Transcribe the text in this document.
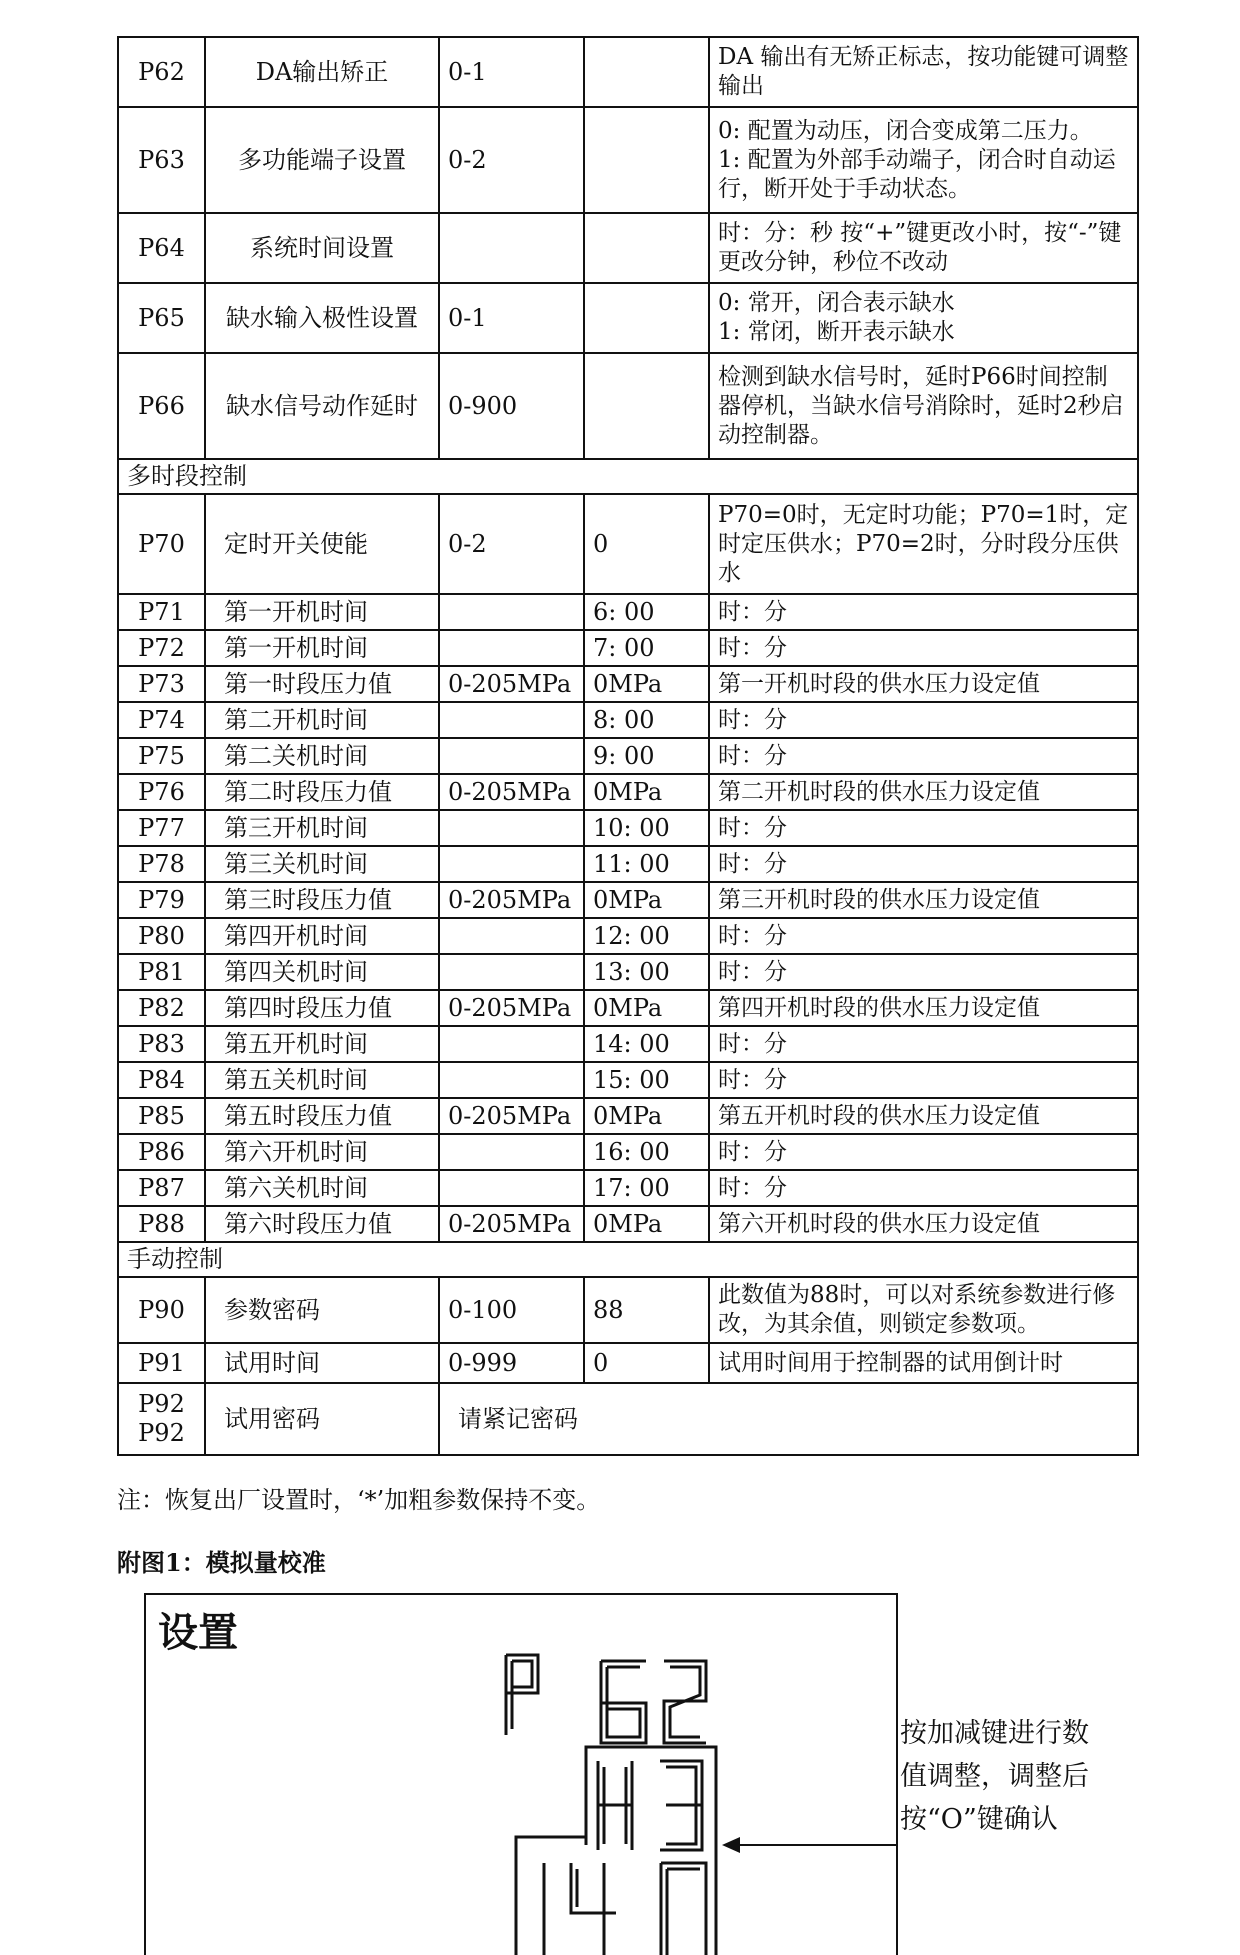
P62	DA输出矫正	0-1		DA 输出有无矫正标志，按功能键可调整输出
P63	多功能端子设置	0-2		0: 配置为动压，闭合变成第二压力。
1: 配置为外部手动端子，闭合时自动运行，断开处于手动状态。
P64	系统时间设置			时：分：秒 按“+”键更改小时，按“-”键更改分钟，秒位不改动
P65	缺水输入极性设置	0-1		0: 常开，闭合表示缺水
1: 常闭，断开表示缺水
P66	缺水信号动作延时	0-900		检测到缺水信号时，延时P66时间控制器停机，当缺水信号消除时，延时2秒启动控制器。
多时段控制				
P70	定时开关使能	0-2	0	P70=0时，无定时功能；P70=1时，定时定压供水；P70=2时，分时段分压供水
P71	第一开机时间		6: 00	时：分
P72	第一开机时间		7: 00	时：分
P73	第一时段压力值	0-205MPa	0MPa	第一开机时段的供水压力设定值
P74	第二开机时间		8: 00	时：分
P75	第二关机时间		9: 00	时：分
P76	第二时段压力值	0-205MPa	0MPa	第二开机时段的供水压力设定值
P77	第三开机时间		10: 00	时：分
P78	第三关机时间		11: 00	时：分
P79	第三时段压力值	0-205MPa	0MPa	第三开机时段的供水压力设定值
P80	第四开机时间		12: 00	时：分
P81	第四关机时间		13: 00	时：分
P82	第四时段压力值	0-205MPa	0MPa	第四开机时段的供水压力设定值
P83	第五开机时间		14: 00	时：分
P84	第五关机时间		15: 00	时：分
P85	第五时段压力值	0-205MPa	0MPa	第五开机时段的供水压力设定值
P86	第六开机时间		16: 00	时：分
P87	第六关机时间		17: 00	时：分
P88	第六时段压力值	0-205MPa	0MPa	第六开机时段的供水压力设定值
手动控制				
P90	参数密码	0-100	88	此数值为88时，可以对系统参数进行修改，为其余值，则锁定参数项。
P91	试用时间	0-999	0	试用时间用于控制器的试用倒计时
P92
P92	试用密码	请紧记密码		
注：恢复出厂设置时，‘*’加粗参数保持不变。
附图1：模拟量校准
设置
按加减键进行数
值调整，调整后
按“O”键确认
